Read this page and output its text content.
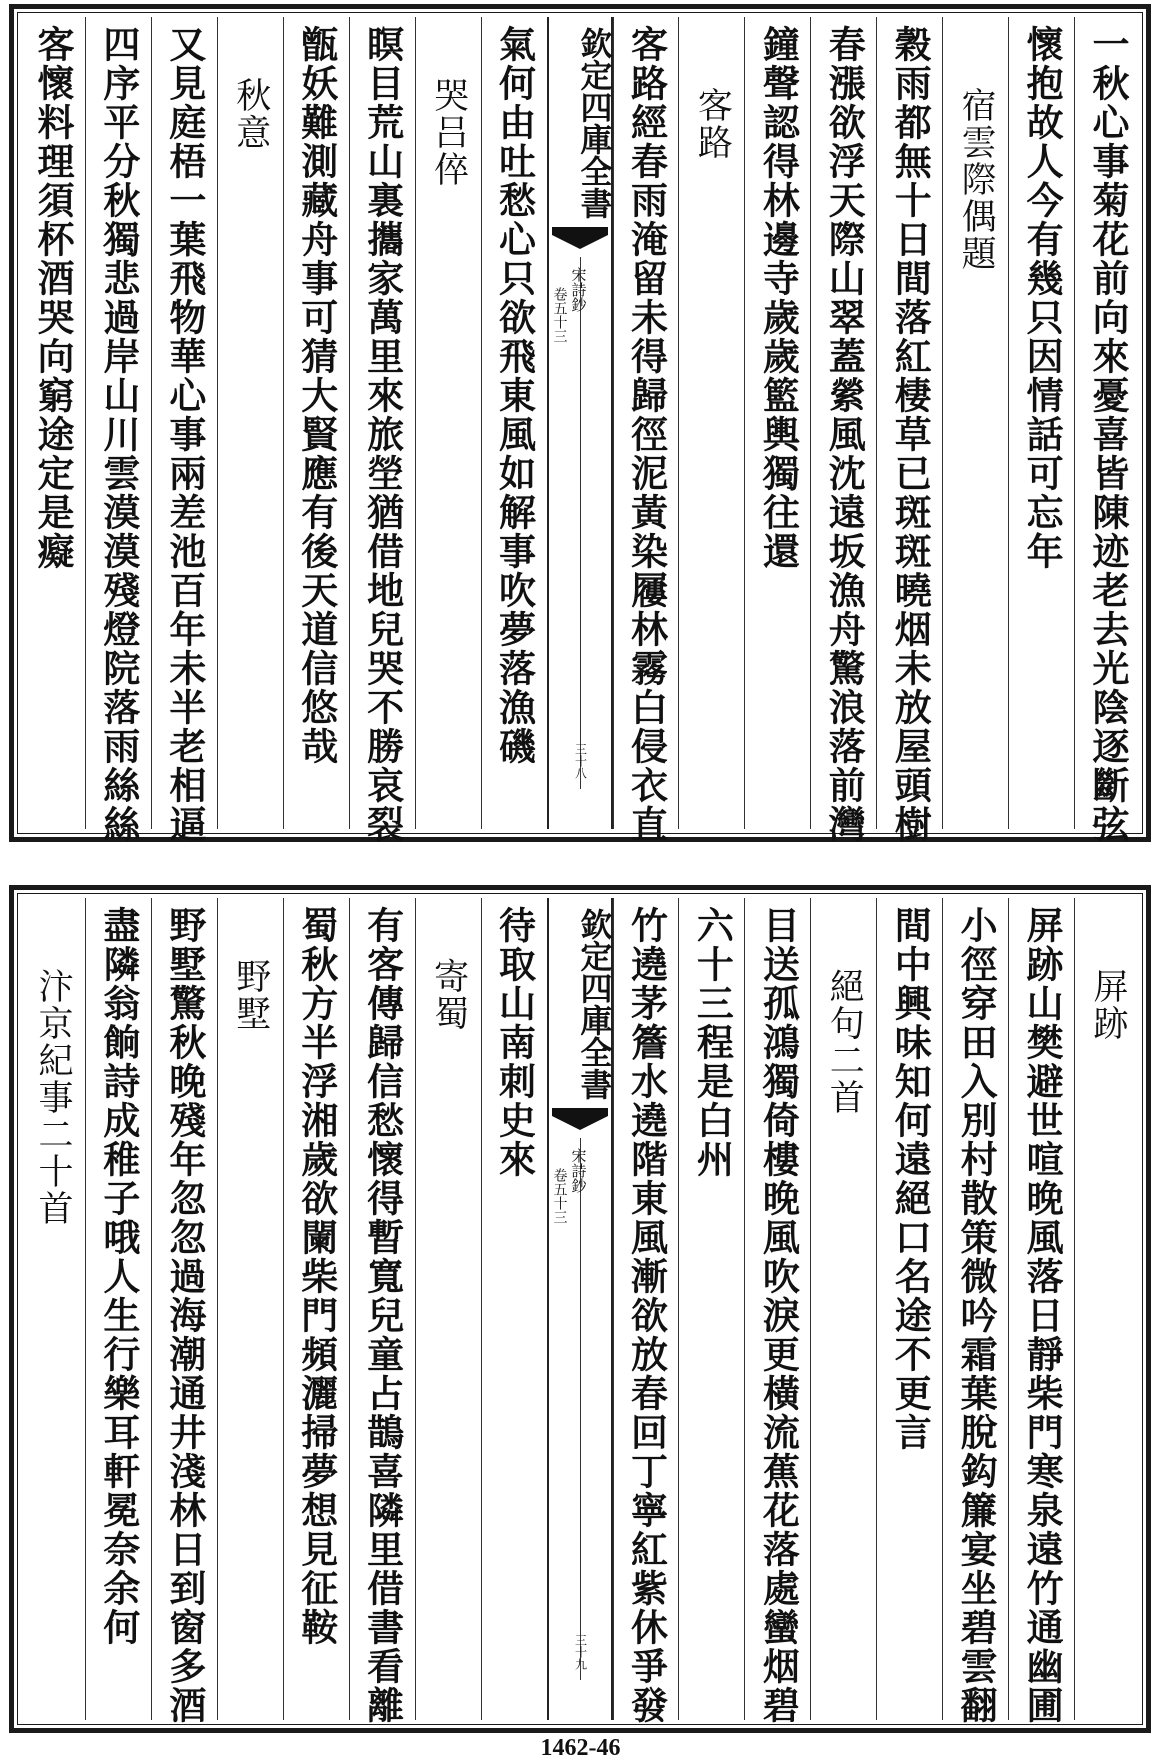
一秋心事菊花前向來憂喜皆陳迹老去光陰逐斷弦
懷抱故人今有幾只因情話可忘年
宿雲際偶題
穀雨都無十日間落紅棲草已斑斑曉烟未放屋頭樹
春漲欲浮天際山翠蓋縈風沈遠坂漁舟驚浪落前灣
鐘聲認得林邊寺歲歲籃輿獨往還
客路
客路經春雨淹留未得歸徑泥黃染屨林霧白侵衣直
欽定四庫全書
宋詩鈔
卷五十三
三十八
氣何由吐愁心只欲飛東風如解事吹夢落漁磯
哭吕倅
瞑目荒山裏攜家萬里來旅塋猶借地兒哭不勝哀裂
甑妖難測藏舟事可猜大賢應有後天道信悠哉
秋意
又見庭梧一葉飛物華心事兩差池百年未半老相逼
四序平分秋獨悲過岸山川雲漠漠殘燈院落雨絲絲
客懷料理須杯酒哭向窮途定是癡
屏跡
屏跡山樊避世喧晚風落日靜柴門寒泉遠竹通幽圃
小徑穿田入別村散策微吟霜葉脫鈎簾宴坐碧雲翻
間中興味知何遠絕口名途不更言
絕句二首
目送孤鴻獨倚樓晚風吹淚更橫流蕉花落處蠻烟碧
六十三程是白州
竹遶茅簷水遶階東風漸欲放春回丁寧紅紫休爭發
欽定四庫全書
宋詩鈔
卷五十三
三十九
待取山南刺史來
寄蜀
有客傳歸信愁懷得暫寬兒童占鵲喜隣里借書看離
蜀秋方半浮湘歲欲闌柴門頻灑掃夢想見征鞍
野墅
野墅驚秋晚殘年忽忽過海潮通井淺林日到窗多酒
盡隣翁餉詩成稚子哦人生行樂耳軒冕奈余何
汴京紀事二十首
1462-46
